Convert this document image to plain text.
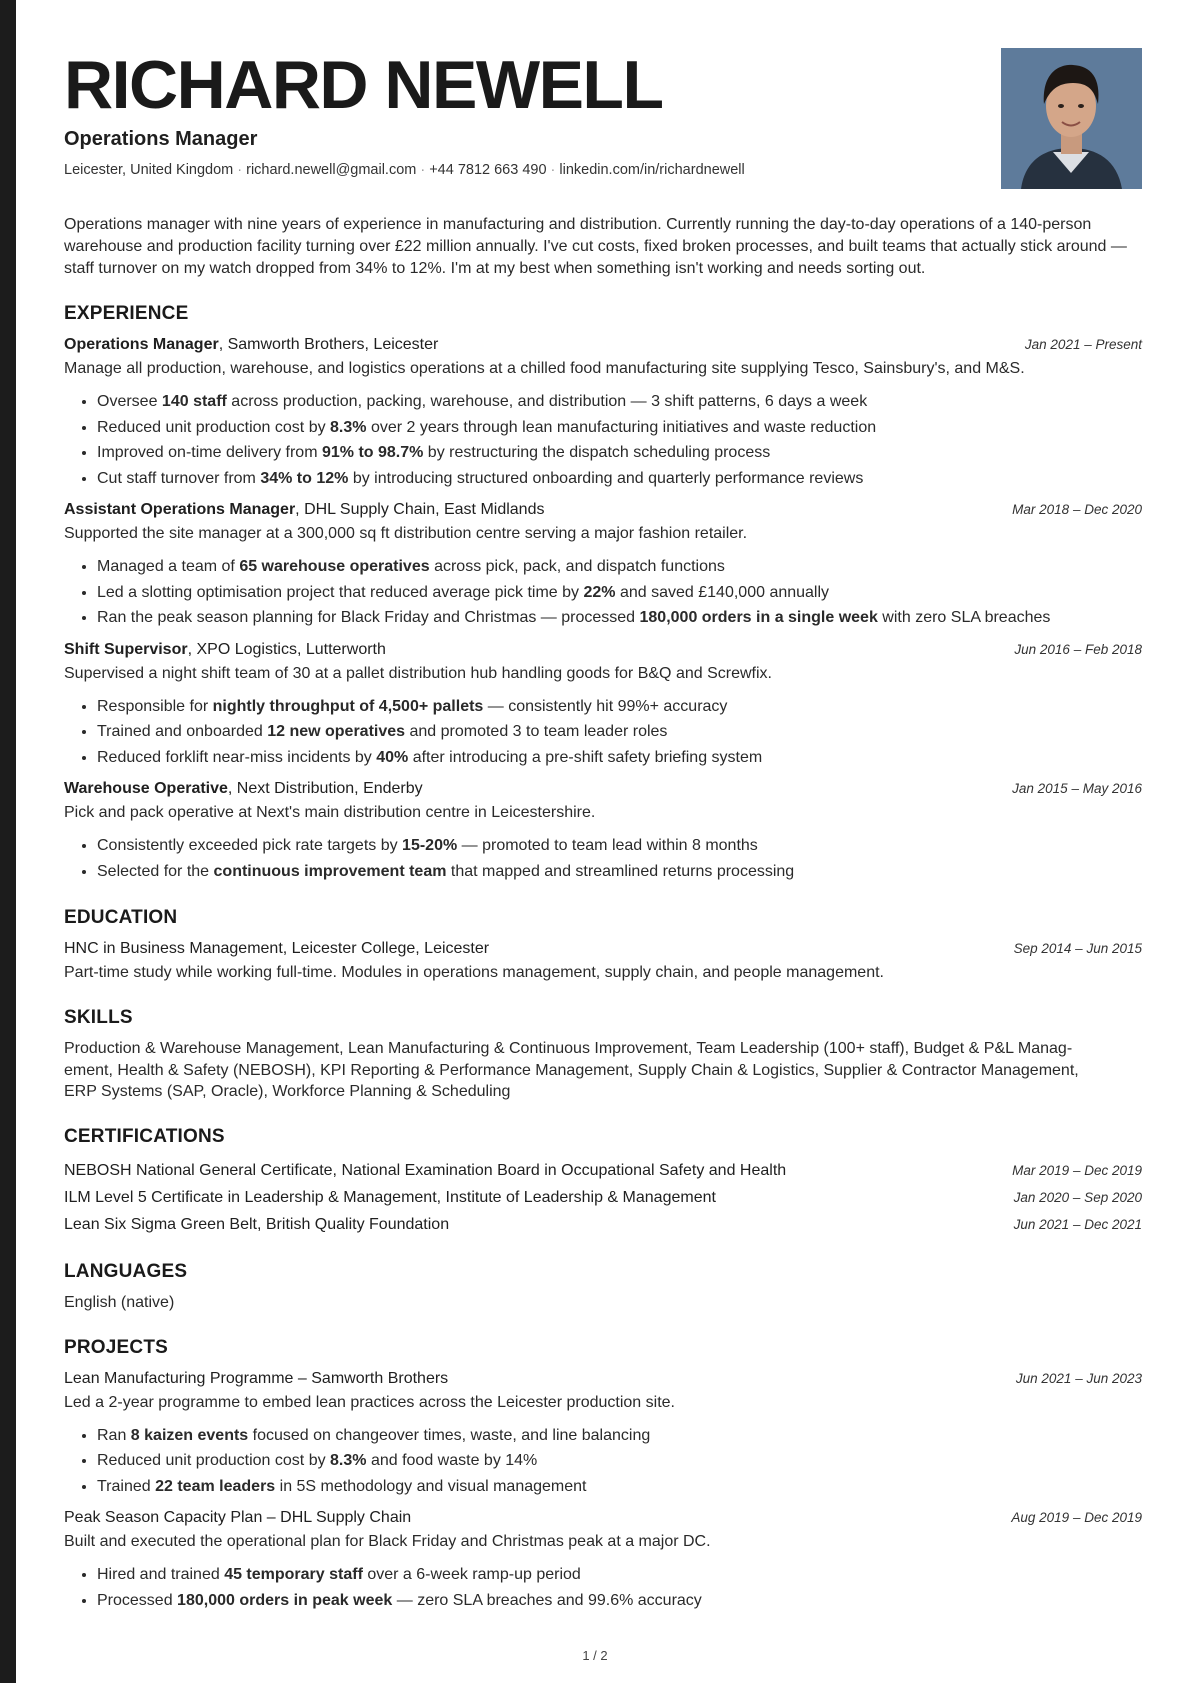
RICHARD NEWELL
Operations Manager
Leicester, United Kingdom · richard.newell@gmail.com · +44 7812 663 490 · linkedin.com/in/richardnewell

Operations manager with nine years of experience in manufacturing and distribution. Currently running the day-to-day operations of a 140-person warehouse and production facility turning over £22 million annually. I've cut costs, fixed broken processes, and built teams that actually stick around — staff turnover on my watch dropped from 34% to 12%. I'm at my best when something isn't working and needs sorting out.

EXPERIENCE
Operations Manager, Samworth Brothers, Leicester	Jan 2021 – Present
Manage all production, warehouse, and logistics operations at a chilled food manufacturing site supplying Tesco, Sainsbury's, and M&S.
• Oversee 140 staff across production, packing, warehouse, and distribution — 3 shift patterns, 6 days a week
• Reduced unit production cost by 8.3% over 2 years through lean manufacturing initiatives and waste reduction
• Improved on-time delivery from 91% to 98.7% by restructuring the dispatch scheduling process
• Cut staff turnover from 34% to 12% by introducing structured onboarding and quarterly performance reviews
Assistant Operations Manager, DHL Supply Chain, East Midlands	Mar 2018 – Dec 2020
Supported the site manager at a 300,000 sq ft distribution centre serving a major fashion retailer.
• Managed a team of 65 warehouse operatives across pick, pack, and dispatch functions
• Led a slotting optimisation project that reduced average pick time by 22% and saved £140,000 annually
• Ran the peak season planning for Black Friday and Christmas — processed 180,000 orders in a single week with zero SLA breaches
Shift Supervisor, XPO Logistics, Lutterworth	Jun 2016 – Feb 2018
Supervised a night shift team of 30 at a pallet distribution hub handling goods for B&Q and Screwfix.
• Responsible for nightly throughput of 4,500+ pallets — consistently hit 99%+ accuracy
• Trained and onboarded 12 new operatives and promoted 3 to team leader roles
• Reduced forklift near-miss incidents by 40% after introducing a pre-shift safety briefing system
Warehouse Operative, Next Distribution, Enderby	Jan 2015 – May 2016
Pick and pack operative at Next's main distribution centre in Leicestershire.
• Consistently exceeded pick rate targets by 15-20% — promoted to team lead within 8 months
• Selected for the continuous improvement team that mapped and streamlined returns processing
EDUCATION
HNC in Business Management, Leicester College, Leicester	Sep 2014 – Jun 2015
Part-time study while working full-time. Modules in operations management, supply chain, and people management.
SKILLS
Production & Warehouse Management, Lean Manufacturing & Continuous Improvement, Team Leadership (100+ staff), Budget & P&L Manag-
ement, Health & Safety (NEBOSH), KPI Reporting & Performance Management, Supply Chain & Logistics, Supplier & Contractor Management,
ERP Systems (SAP, Oracle), Workforce Planning & Scheduling
CERTIFICATIONS
NEBOSH National General Certificate, National Examination Board in Occupational Safety and Health	Mar 2019 – Dec 2019
ILM Level 5 Certificate in Leadership & Management, Institute of Leadership & Management	Jan 2020 – Sep 2020
Lean Six Sigma Green Belt, British Quality Foundation	Jun 2021 – Dec 2021
LANGUAGES
English (native)
PROJECTS
Lean Manufacturing Programme – Samworth Brothers	Jun 2021 – Jun 2023
Led a 2-year programme to embed lean practices across the Leicester production site.
• Ran 8 kaizen events focused on changeover times, waste, and line balancing
• Reduced unit production cost by 8.3% and food waste by 14%
• Trained 22 team leaders in 5S methodology and visual management
Peak Season Capacity Plan – DHL Supply Chain	Aug 2019 – Dec 2019
Built and executed the operational plan for Black Friday and Christmas peak at a major DC.
• Hired and trained 45 temporary staff over a 6-week ramp-up period
• Processed 180,000 orders in peak week — zero SLA breaches and 99.6% accuracy
1 / 2
